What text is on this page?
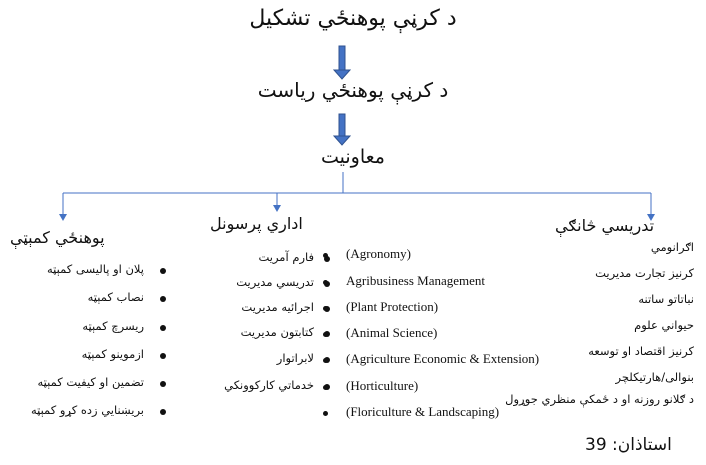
د کرڼې پوهنځي تشکیل
د کرڼې پوهنځي ریاست
معاونیت
پوهنځي کمېټې
اداري پرسونل	تدریسي څانګې
پلان او پالیسی کمېټه
نصاب کمېټه
ریسرچ کمېټه
ازموینو کمېټه
تضمین او کیفیت کمېټه
بریښنایي زده کړو کمېټه
فارم آمریت
تدریسي مدیریت
اجرائیه مدیریت
کتابتون مدیریت
لابراتوار
خدماتي کارکوونکي
(Agronomy)
Agribusiness Management
(Plant Protection)
(Animal Science)
(Agriculture Economic & Extension)
(Horticulture)
(Floriculture & Landscaping)
اګرانومي
کرنیز تجارت مدیریت
نباتاتو ساتنه
حیواني علوم
کرنیز اقتصاد او توسعه
بنوالی/هارتیکلچر
د ګلانو روزنه او د ځمکې منظري جوړول
استاذان: 39
